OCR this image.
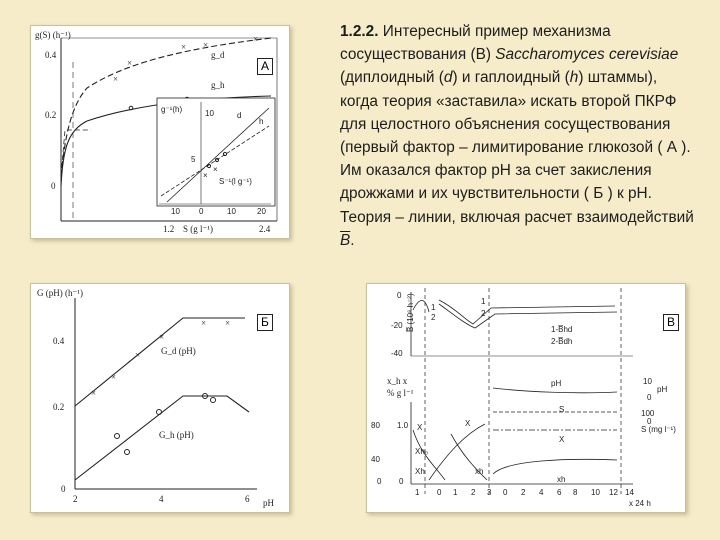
g(S) (h⁻¹)
0.4
0.2
0
1.2	2.4
S (g l⁻¹)
×
×
× ×
×
g_d
g_h
g⁻¹(h)	10
5
10 0	10	20
S⁻¹(l g⁻¹)
d
h
×
×
А
G (pH) (h⁻¹)
0.4
0.2
0
2	4	6 pH
×
×
×
×
× ×
G_d (pH)
G_h (pH)
Б
0
-20
-40
B̅ (10⁶ h⁻²) 1
2
1
2
1-B̅hd
2-B̅dh
x_h x
% g l⁻¹
80
40
0
1.0
0
10
pH
0
100
S (mg l⁻¹)
0
X	X
S
pH
X
xh
xh
Xh
Xh₀
1 0 1 2 3 0 2 4 6 8 10 12 14
x 24 h
В
1.2.2. Интересный пример механизма
сосуществования (В) Saccharomyces cerevisiae (диплоидный (d) и гаплоидный (h) штаммы), когда теория «заставила» искать второй ПКРФ для целостного объяснения сосуществования (первый фактор – лимитирование глюкозой ( А ). Им оказался фактор pH за счет закисления дрожжами и их чувствительности ( Б ) к pH. Теория – линии, включая расчет взаимодействий $\overline{B}$.
